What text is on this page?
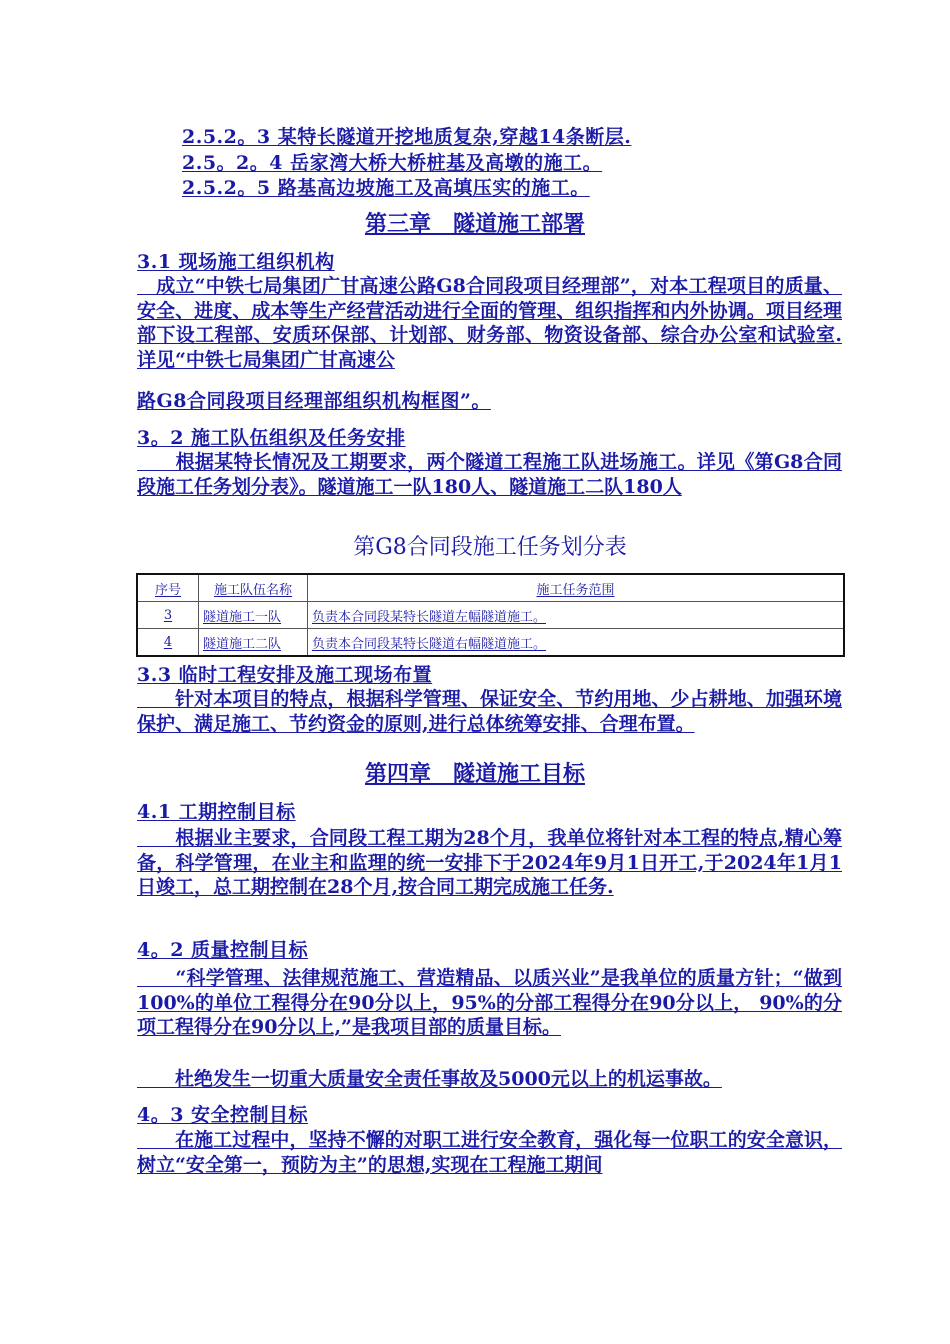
2.5.2。3 某特长隧道开挖地质复杂,穿越14条断层.
2.5。2。4 岳家湾大桥大桥桩基及高墩的施工。
2.5.2。5 路基高边坡施工及高填压实的施工。
第三章　隧道施工部署
3.1 现场施工组织机构
　成立“中铁七局集团广甘高速公路G8合同段项目经理部”，对本工程项目的质量、安全、进度、成本等生产经营活动进行全面的管理、组织指挥和内外协调。项目经理部下设工程部、安质环保部、计划部、财务部、物资设备部、综合办公室和试验室.详见“中铁七局集团广甘高速公
路G8合同段项目经理部组织机构框图”。
3。2 施工队伍组织及任务安排
　　根据某特长情况及工期要求，两个隧道工程施工队进场施工。详见《第G8合同段施工任务划分表》。隧道施工一队180人、隧道施工二队180人
第G8合同段施工任务划分表
序号	施工队伍名称	施工任务范围
3	隧道施工一队	负责本合同段某特长隧道左幅隧道施工。
4	隧道施工二队	负责本合同段某特长隧道右幅隧道施工。
3.3 临时工程安排及施工现场布置
　　针对本项目的特点，根据科学管理、保证安全、节约用地、少占耕地、加强环境保护、满足施工、节约资金的原则,进行总体统筹安排、合理布置。
第四章　隧道施工目标
4.1 工期控制目标
　　根据业主要求，合同段工程工期为28个月，我单位将针对本工程的特点,精心筹备，科学管理，在业主和监理的统一安排下于2024年9月1日开工,于2024年1月1日竣工，总工期控制在28个月,按合同工期完成施工任务.
4。2 质量控制目标
　　“科学管理、法律规范施工、营造精品、以质兴业”是我单位的质量方针；“做到100%的单位工程得分在90分以上，95%的分部工程得分在90分以上， 90%的分项工程得分在90分以上,”是我项目部的质量目标。
　　杜绝发生一切重大质量安全责任事故及5000元以上的机运事故。
4。3 安全控制目标
　　在施工过程中，坚持不懈的对职工进行安全教育，强化每一位职工的安全意识，树立“安全第一，预防为主”的思想,实现在工程施工期间
